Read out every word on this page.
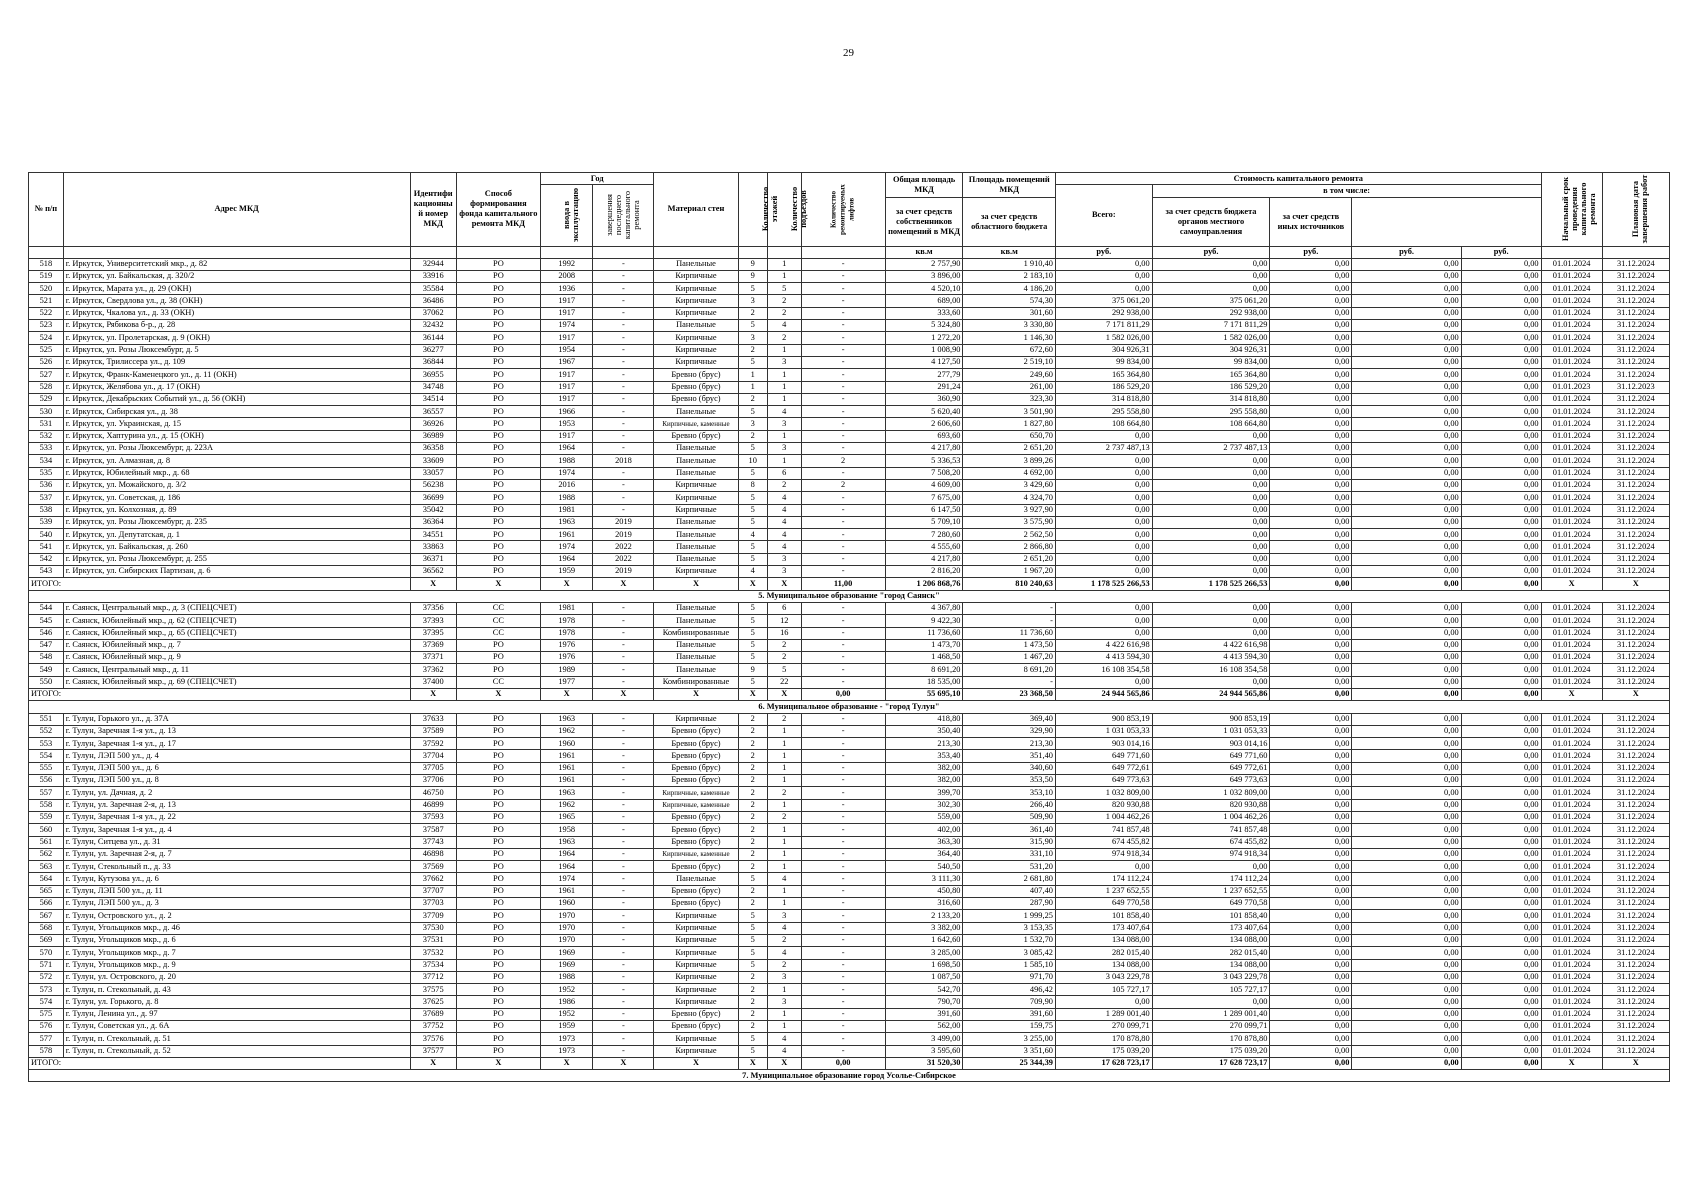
29
№ п/п	Адрес МКД	Идентифи кационны й номер МКД	Способ формирования фонда капитального ремонта МКД	Год		Материал стен	Количество этажей	Количество подъездов	Количество ремонтируемых лифтов	Общая площадь МКД	Площадь помещений МКД	Стоимость капитального ремонта					Начальный срок проведения капитального ремонта	Плановая дата завершения работ
				ввода в эксплуатацию	завершения последнего капитального ремонта							Всего:	в том числе:					
										за счет средств собственников помещений в МКД	за счет средств областного бюджета		за счет средств бюджета органов местного самоуправления	за счет средств иных источников				
										кв.м	кв.м	руб.	руб.	руб.	руб.	руб.		
518	г. Иркутск, Университетский мкр., д. 82	32944	РО	1992	-	Панельные	9	1	-	2 757,90	1 910,40	0,00	0,00	0,00	0,00	0,00	01.01.2024	31.12.2024
519	г. Иркутск, ул. Байкальская, д. 320/2	33916	РО	2008	-	Кирпичные	9	1	-	3 896,00	2 183,10	0,00	0,00	0,00	0,00	0,00	01.01.2024	31.12.2024
520	г. Иркутск, Марата ул., д. 29 (ОКН)	35584	РО	1936	-	Кирпичные	5	5	-	4 520,10	4 186,20	0,00	0,00	0,00	0,00	0,00	01.01.2024	31.12.2024
521	г. Иркутск, Свердлова ул., д. 38 (ОКН)	36486	РО	1917	-	Кирпичные	3	2	-	689,00	574,30	375 061,20	375 061,20	0,00	0,00	0,00	01.01.2024	31.12.2024
522	г. Иркутск, Чкалова ул., д. 33 (ОКН)	37062	РО	1917	-	Кирпичные	2	2	-	333,60	301,60	292 938,00	292 938,00	0,00	0,00	0,00	01.01.2024	31.12.2024
523	г. Иркутск, Рябикова б-р., д. 28	32432	РО	1974	-	Панельные	5	4	-	5 324,80	3 330,80	7 171 811,29	7 171 811,29	0,00	0,00	0,00	01.01.2024	31.12.2024
524	г. Иркутск, ул. Пролетарская, д. 9 (ОКН)	36144	РО	1917	-	Кирпичные	3	2	-	1 272,20	1 146,30	1 582 026,00	1 582 026,00	0,00	0,00	0,00	01.01.2024	31.12.2024
525	г. Иркутск, ул. Розы Люксембург, д. 5	36277	РО	1954	-	Кирпичные	2	1	-	1 008,90	672,60	304 926,31	304 926,31	0,00	0,00	0,00	01.01.2024	31.12.2024
526	г. Иркутск, Трилиссера ул., д. 109	36844	РО	1967	-	Кирпичные	5	3	-	4 127,50	2 519,10	99 834,00	99 834,00	0,00	0,00	0,00	01.01.2024	31.12.2024
527	г. Иркутск, Франк-Каменецкого ул., д. 11 (ОКН)	36955	РО	1917	-	Бревно (брус)	1	1	-	277,79	249,60	165 364,80	165 364,80	0,00	0,00	0,00	01.01.2024	31.12.2024
528	г. Иркутск, Желябова ул., д. 17 (ОКН)	34748	РО	1917	-	Бревно (брус)	1	1	-	291,24	261,00	186 529,20	186 529,20	0,00	0,00	0,00	01.01.2023	31.12.2023
529	г. Иркутск, Декабрьских Событий ул., д. 56 (ОКН)	34514	РО	1917	-	Бревно (брус)	2	1	-	360,90	323,30	314 818,80	314 818,80	0,00	0,00	0,00	01.01.2024	31.12.2024
530	г. Иркутск, Сибирская ул., д. 38	36557	РО	1966	-	Панельные	5	4	-	5 620,40	3 501,90	295 558,80	295 558,80	0,00	0,00	0,00	01.01.2024	31.12.2024
531	г. Иркутск, ул. Украинская, д. 15	36926	РО	1953	-	Кирпичные, каменные	3	3	-	2 606,60	1 827,80	108 664,80	108 664,80	0,00	0,00	0,00	01.01.2024	31.12.2024
532	г. Иркутск, Хаптурина ул., д. 15 (ОКН)	36989	РО	1917	-	Бревно (брус)	2	1	-	693,60	650,70	0,00	0,00	0,00	0,00	0,00	01.01.2024	31.12.2024
533	г. Иркутск, ул. Розы Люксембург, д. 223А	36358	РО	1964	-	Панельные	5	3	-	4 217,80	2 651,20	2 737 487,13	2 737 487,13	0,00	0,00	0,00	01.01.2024	31.12.2024
534	г. Иркутск, ул. Алмазная, д. 8	33609	РО	1988	2018	Панельные	10	1	2	5 336,53	3 899,26	0,00	0,00	0,00	0,00	0,00	01.01.2024	31.12.2024
535	г. Иркутск, Юбилейный мкр., д. 68	33057	РО	1974	-	Панельные	5	6	-	7 508,20	4 692,00	0,00	0,00	0,00	0,00	0,00	01.01.2024	31.12.2024
536	г. Иркутск, ул. Можайского, д. 3/2	56238	РО	2016	-	Кирпичные	8	2	2	4 609,00	3 429,60	0,00	0,00	0,00	0,00	0,00	01.01.2024	31.12.2024
537	г. Иркутск, ул. Советская, д. 186	36699	РО	1988	-	Кирпичные	5	4	-	7 675,00	4 324,70	0,00	0,00	0,00	0,00	0,00	01.01.2024	31.12.2024
538	г. Иркутск, ул. Колхозная, д. 89	35042	РО	1981	-	Кирпичные	5	4	-	6 147,50	3 927,90	0,00	0,00	0,00	0,00	0,00	01.01.2024	31.12.2024
539	г. Иркутск, ул. Розы Люксембург, д. 235	36364	РО	1963	2019	Панельные	5	4	-	5 709,10	3 575,90	0,00	0,00	0,00	0,00	0,00	01.01.2024	31.12.2024
540	г. Иркутск, ул. Депутатская, д. 1	34551	РО	1961	2019	Панельные	4	4	-	7 280,60	2 562,50	0,00	0,00	0,00	0,00	0,00	01.01.2024	31.12.2024
541	г. Иркутск, ул. Байкальская, д. 260	33863	РО	1974	2022	Панельные	5	4	-	4 555,60	2 866,80	0,00	0,00	0,00	0,00	0,00	01.01.2024	31.12.2024
542	г. Иркутск, ул. Розы Люксембург, д. 255	36371	РО	1964	2022	Панельные	5	3	-	4 217,80	2 651,20	0,00	0,00	0,00	0,00	0,00	01.01.2024	31.12.2024
543	г. Иркутск, ул. Сибирских Партизан, д. 6	36562	РО	1959	2019	Кирпичные	4	3	-	2 816,20	1 967,20	0,00	0,00	0,00	0,00	0,00	01.01.2024	31.12.2024
ИТОГО:		X	X	X	X	X	X	X	11,00	1 206 868,76	810 240,63	1 178 525 266,53	1 178 525 266,53	0,00	0,00	0,00	X	X
5. Муниципальное образование "город Саянск"																		
544	г. Саянск, Центральный мкр., д. 3 (СПЕЦСЧЕТ)	37356	СС	1981	-	Панельные	5	6	-	4 367,80	-	0,00	0,00	0,00	0,00	0,00	01.01.2024	31.12.2024
545	г. Саянск, Юбилейный мкр., д. 62 (СПЕЦСЧЕТ)	37393	СС	1978	-	Панельные	5	12	-	9 422,30	-	0,00	0,00	0,00	0,00	0,00	01.01.2024	31.12.2024
546	г. Саянск, Юбилейный мкр., д. 65 (СПЕЦСЧЕТ)	37395	СС	1978	-	Комбинированные	5	16	-	11 736,60	11 736,60	0,00	0,00	0,00	0,00	0,00	01.01.2024	31.12.2024
547	г. Саянск, Юбилейный мкр., д. 7	37369	РО	1976	-	Панельные	5	2	-	1 473,70	1 473,50	4 422 616,98	4 422 616,98	0,00	0,00	0,00	01.01.2024	31.12.2024
548	г. Саянск, Юбилейный мкр., д. 9	37371	РО	1976	-	Панельные	5	2	-	1 468,50	1 467,20	4 413 594,30	4 413 594,30	0,00	0,00	0,00	01.01.2024	31.12.2024
549	г. Саянск, Центральный мкр., д. 11	37362	РО	1989	-	Панельные	9	5	-	8 691,20	8 691,20	16 108 354,58	16 108 354,58	0,00	0,00	0,00	01.01.2024	31.12.2024
550	г. Саянск, Юбилейный мкр., д. 69 (СПЕЦСЧЕТ)	37400	СС	1977	-	Комбинированные	5	22	-	18 535,00	-	0,00	0,00	0,00	0,00	0,00	01.01.2024	31.12.2024
ИТОГО:		X	X	X	X	X	X	X	0,00	55 695,10	23 368,50	24 944 565,86	24 944 565,86	0,00	0,00	0,00	X	X
6. Муниципальное образование - "город Тулун"																		
551	г. Тулун, Горького ул., д. 37А	37633	РО	1963	-	Кирпичные	2	2	-	418,80	369,40	900 853,19	900 853,19	0,00	0,00	0,00	01.01.2024	31.12.2024
552	г. Тулун, Заречная 1-я ул., д. 13	37589	РО	1962	-	Бревно (брус)	2	1	-	350,40	329,90	1 031 053,33	1 031 053,33	0,00	0,00	0,00	01.01.2024	31.12.2024
553	г. Тулун, Заречная 1-я ул., д. 17	37592	РО	1960	-	Бревно (брус)	2	1	-	213,30	213,30	903 014,16	903 014,16	0,00	0,00	0,00	01.01.2024	31.12.2024
554	г. Тулун, ЛЭП 500 ул., д. 4	37704	РО	1961	-	Бревно (брус)	2	1	-	353,40	351,40	649 771,60	649 771,60	0,00	0,00	0,00	01.01.2024	31.12.2024
555	г. Тулун, ЛЭП 500 ул., д. 6	37705	РО	1961	-	Бревно (брус)	2	1	-	382,00	340,60	649 772,61	649 772,61	0,00	0,00	0,00	01.01.2024	31.12.2024
556	г. Тулун, ЛЭП 500 ул., д. 8	37706	РО	1961	-	Бревно (брус)	2	1	-	382,00	353,50	649 773,63	649 773,63	0,00	0,00	0,00	01.01.2024	31.12.2024
557	г. Тулун, ул. Дачная, д. 2	46750	РО	1963	-	Кирпичные, каменные	2	2	-	399,70	353,10	1 032 809,00	1 032 809,00	0,00	0,00	0,00	01.01.2024	31.12.2024
558	г. Тулун, ул. Заречная 2-я, д. 13	46899	РО	1962	-	Кирпичные, каменные	2	1	-	302,30	266,40	820 930,88	820 930,88	0,00	0,00	0,00	01.01.2024	31.12.2024
559	г. Тулун, Заречная 1-я ул., д. 22	37593	РО	1965	-	Бревно (брус)	2	2	-	559,00	509,90	1 004 462,26	1 004 462,26	0,00	0,00	0,00	01.01.2024	31.12.2024
560	г. Тулун, Заречная 1-я ул., д. 4	37587	РО	1958	-	Бревно (брус)	2	1	-	402,00	361,40	741 857,48	741 857,48	0,00	0,00	0,00	01.01.2024	31.12.2024
561	г. Тулун, Ситцева ул., д. 31	37743	РО	1963	-	Бревно (брус)	2	1	-	363,30	315,90	674 455,82	674 455,82	0,00	0,00	0,00	01.01.2024	31.12.2024
562	г. Тулун, ул. Заречная 2-я, д. 7	46898	РО	1964	-	Кирпичные, каменные	2	1	-	364,40	331,10	974 918,34	974 918,34	0,00	0,00	0,00	01.01.2024	31.12.2024
563	г. Тулун, Стекольный п., д. 33	37569	РО	1964	-	Бревно (брус)	2	1	-	540,50	531,20	0,00	0,00	0,00	0,00	0,00	01.01.2024	31.12.2024
564	г. Тулун, Кутузова ул., д. 6	37662	РО	1974	-	Панельные	5	4	-	3 111,30	2 681,80	174 112,24	174 112,24	0,00	0,00	0,00	01.01.2024	31.12.2024
565	г. Тулун, ЛЭП 500 ул., д. 11	37707	РО	1961	-	Бревно (брус)	2	1	-	450,80	407,40	1 237 652,55	1 237 652,55	0,00	0,00	0,00	01.01.2024	31.12.2024
566	г. Тулун, ЛЭП 500 ул., д. 3	37703	РО	1960	-	Бревно (брус)	2	1	-	316,60	287,90	649 770,58	649 770,58	0,00	0,00	0,00	01.01.2024	31.12.2024
567	г. Тулун, Островского ул., д. 2	37709	РО	1970	-	Кирпичные	5	3	-	2 133,20	1 999,25	101 858,40	101 858,40	0,00	0,00	0,00	01.01.2024	31.12.2024
568	г. Тулун, Угольщиков мкр., д. 46	37530	РО	1970	-	Кирпичные	5	4	-	3 382,00	3 153,35	173 407,64	173 407,64	0,00	0,00	0,00	01.01.2024	31.12.2024
569	г. Тулун, Угольщиков мкр., д. 6	37531	РО	1970	-	Кирпичные	5	2	-	1 642,60	1 532,70	134 088,00	134 088,00	0,00	0,00	0,00	01.01.2024	31.12.2024
570	г. Тулун, Угольщиков мкр., д. 7	37532	РО	1969	-	Кирпичные	5	4	-	3 285,00	3 085,42	282 015,40	282 015,40	0,00	0,00	0,00	01.01.2024	31.12.2024
571	г. Тулун, Угольщиков мкр., д. 9	37534	РО	1969	-	Кирпичные	5	2	-	1 698,50	1 585,10	134 088,00	134 088,00	0,00	0,00	0,00	01.01.2024	31.12.2024
572	г. Тулун, ул. Островского, д. 20	37712	РО	1988	-	Кирпичные	2	3	-	1 087,50	971,70	3 043 229,78	3 043 229,78	0,00	0,00	0,00	01.01.2024	31.12.2024
573	г. Тулун, п. Стекольный, д. 43	37575	РО	1952	-	Кирпичные	2	1	-	542,70	496,42	105 727,17	105 727,17	0,00	0,00	0,00	01.01.2024	31.12.2024
574	г. Тулун, ул. Горького, д. 8	37625	РО	1986	-	Кирпичные	2	3	-	790,70	709,90	0,00	0,00	0,00	0,00	0,00	01.01.2024	31.12.2024
575	г. Тулун, Ленина ул., д. 97	37689	РО	1952	-	Бревно (брус)	2	1	-	391,60	391,60	1 289 001,40	1 289 001,40	0,00	0,00	0,00	01.01.2024	31.12.2024
576	г. Тулун, Советская ул., д. 6А	37752	РО	1959	-	Бревно (брус)	2	1	-	562,00	159,75	270 099,71	270 099,71	0,00	0,00	0,00	01.01.2024	31.12.2024
577	г. Тулун, п. Стекольный, д. 51	37576	РО	1973	-	Кирпичные	5	4	-	3 499,00	3 255,00	170 878,80	170 878,80	0,00	0,00	0,00	01.01.2024	31.12.2024
578	г. Тулун, п. Стекольный, д. 52	37577	РО	1973	-	Кирпичные	5	4	-	3 595,60	3 351,60	175 039,20	175 039,20	0,00	0,00	0,00	01.01.2024	31.12.2024
ИТОГО:		X	X	X	X	X	X	X	0,00	31 520,30	25 344,39	17 628 723,17	17 628 723,17	0,00	0,00	0,00	X	X
7. Муниципальное образование город Усолье-Сибирское																		
